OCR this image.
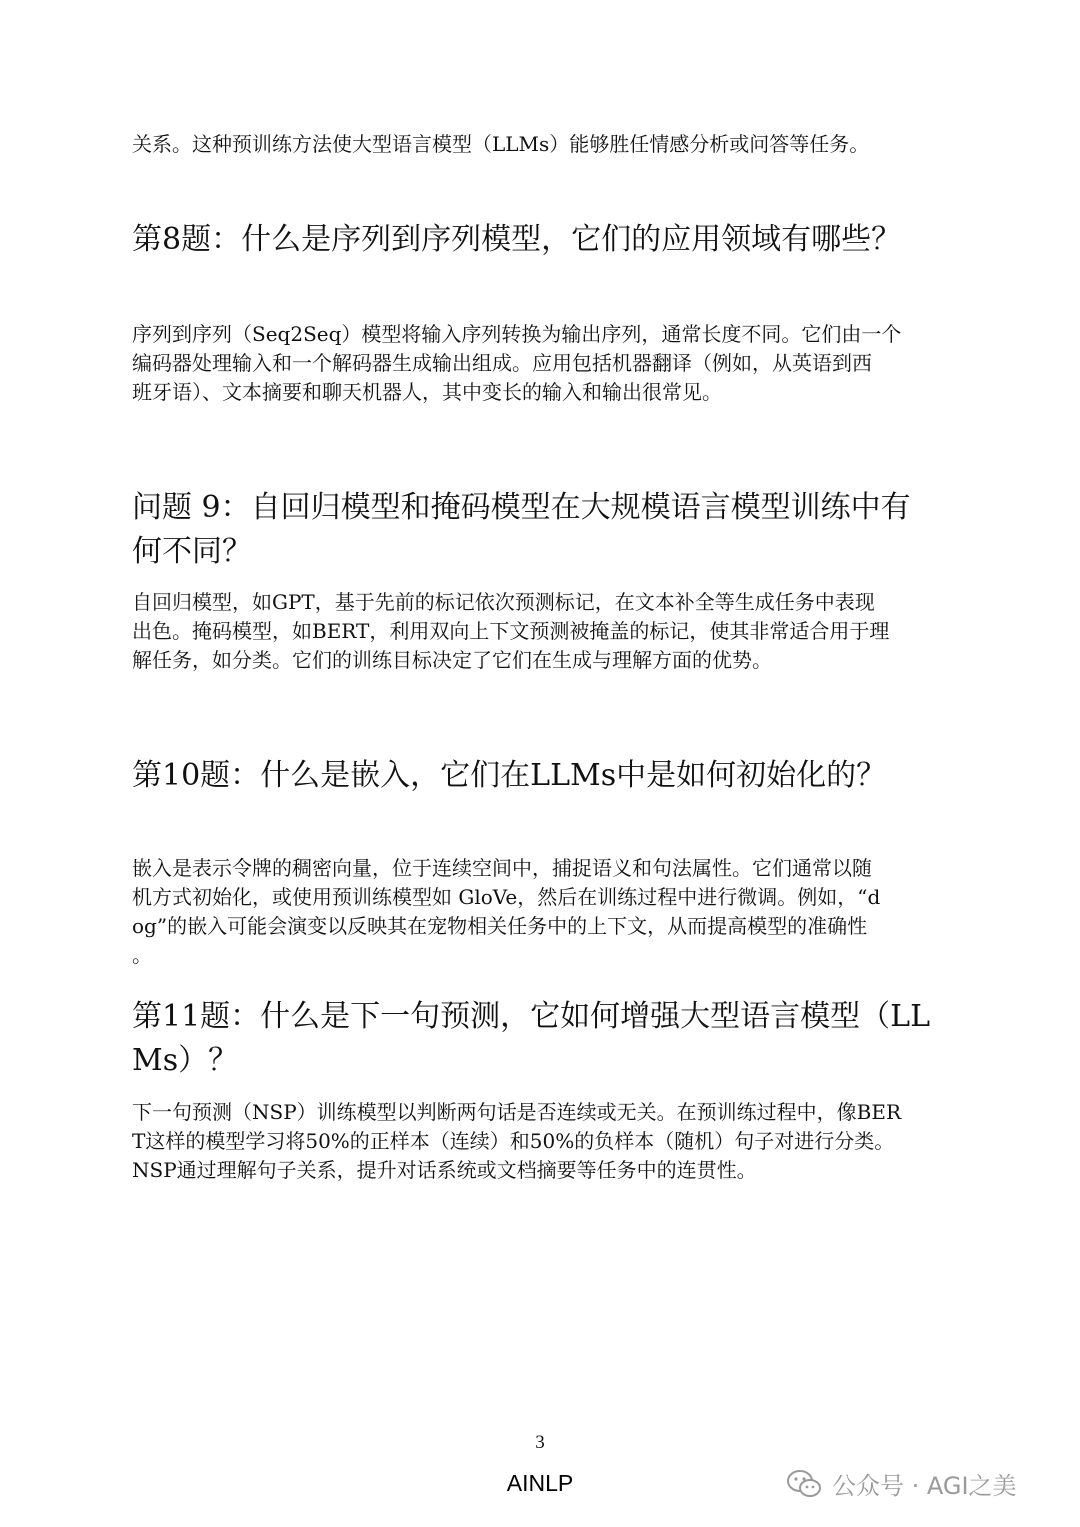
关系。这种预训练方法使大型语言模型（LLMs）能够胜任情感分析或问答等任务。

第8题：什么是序列到序列模型，它们的应用领域有哪些？

序列到序列（Seq2Seq）模型将输入序列转换为输出序列，通常长度不同。它们由一个
编码器处理输入和一个解码器生成输出组成。应用包括机器翻译（例如，从英语到西
班牙语）、文本摘要和聊天机器人，其中变长的输入和输出很常见。

问题 9：自回归模型和掩码模型在大规模语言模型训练中有
何不同？

自回归模型，如GPT，基于先前的标记依次预测标记，在文本补全等生成任务中表现
出色。掩码模型，如BERT，利用双向上下文预测被掩盖的标记，使其非常适合用于理
解任务，如分类。它们的训练目标决定了它们在生成与理解方面的优势。

第10题：什么是嵌入，它们在LLMs中是如何初始化的？

嵌入是表示令牌的稠密向量，位于连续空间中，捕捉语义和句法属性。它们通常以随
机方式初始化，或使用预训练模型如 GloVe，然后在训练过程中进行微调。例如，“d
og”的嵌入可能会演变以反映其在宠物相关任务中的上下文，从而提高模型的准确性
。

第11题：什么是下一句预测，它如何增强大型语言模型（LL
Ms）？

下一句预测（NSP）训练模型以判断两句话是否连续或无关。在预训练过程中，像BER
T这样的模型学习将50%的正样本（连续）和50%的负样本（随机）句子对进行分类。
NSP通过理解句子关系，提升对话系统或文档摘要等任务中的连贯性。

3
AINLP	公众号 · AGI之美
